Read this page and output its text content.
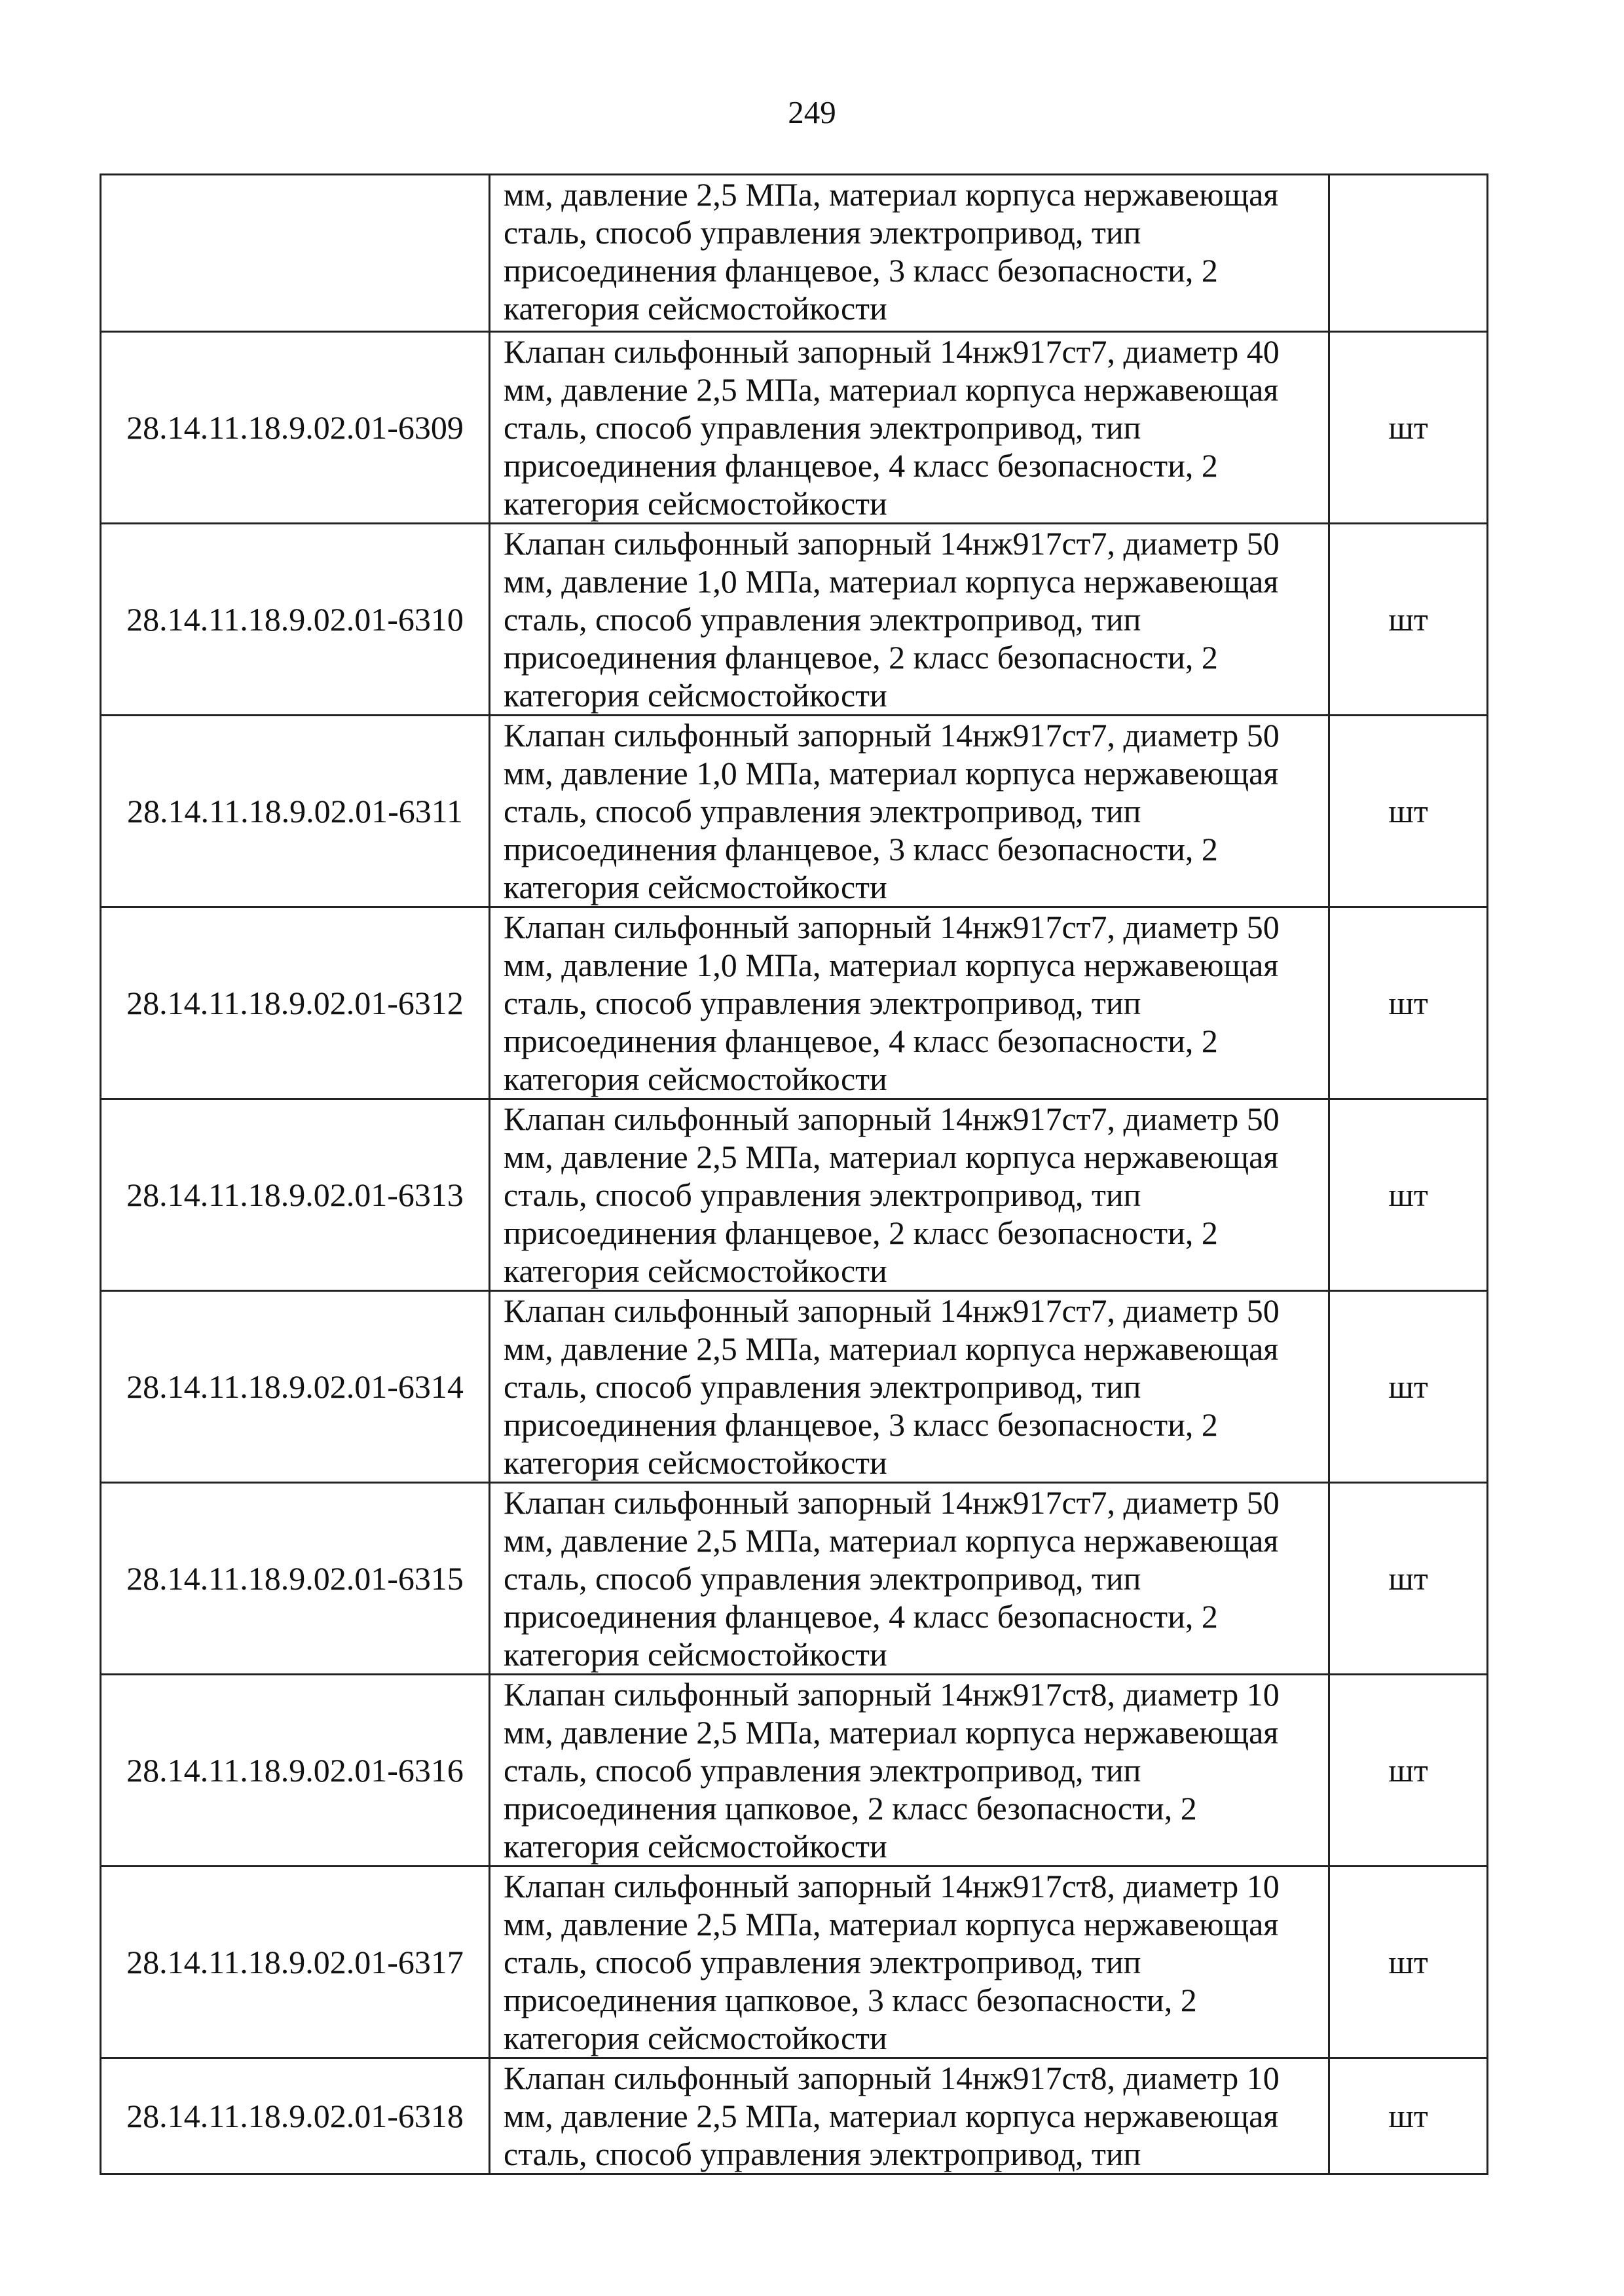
249

	мм, давление 2,5 МПа, материал корпуса нержавеющая
сталь, способ управления электропривод, тип
присоединения фланцевое, 3 класс безопасности, 2
категория сейсмостойкости	

28.14.11.18.9.02.01-6309	Клапан сильфонный запорный 14нж917ст7, диаметр 40
мм, давление 2,5 МПа, материал корпуса нержавеющая
сталь, способ управления электропривод, тип
присоединения фланцевое, 4 класс безопасности, 2
категория сейсмостойкости	шт
28.14.11.18.9.02.01-6310	Клапан сильфонный запорный 14нж917ст7, диаметр 50
мм, давление 1,0 МПа, материал корпуса нержавеющая
сталь, способ управления электропривод, тип
присоединения фланцевое, 2 класс безопасности, 2
категория сейсмостойкости	шт
28.14.11.18.9.02.01-6311	Клапан сильфонный запорный 14нж917ст7, диаметр 50
мм, давление 1,0 МПа, материал корпуса нержавеющая
сталь, способ управления электропривод, тип
присоединения фланцевое, 3 класс безопасности, 2
категория сейсмостойкости	шт
28.14.11.18.9.02.01-6312	Клапан сильфонный запорный 14нж917ст7, диаметр 50
мм, давление 1,0 МПа, материал корпуса нержавеющая
сталь, способ управления электропривод, тип
присоединения фланцевое, 4 класс безопасности, 2
категория сейсмостойкости	шт
28.14.11.18.9.02.01-6313	Клапан сильфонный запорный 14нж917ст7, диаметр 50
мм, давление 2,5 МПа, материал корпуса нержавеющая
сталь, способ управления электропривод, тип
присоединения фланцевое, 2 класс безопасности, 2
категория сейсмостойкости	шт
28.14.11.18.9.02.01-6314	Клапан сильфонный запорный 14нж917ст7, диаметр 50
мм, давление 2,5 МПа, материал корпуса нержавеющая
сталь, способ управления электропривод, тип
присоединения фланцевое, 3 класс безопасности, 2
категория сейсмостойкости	шт
28.14.11.18.9.02.01-6315	Клапан сильфонный запорный 14нж917ст7, диаметр 50
мм, давление 2,5 МПа, материал корпуса нержавеющая
сталь, способ управления электропривод, тип
присоединения фланцевое, 4 класс безопасности, 2
категория сейсмостойкости	шт
28.14.11.18.9.02.01-6316	Клапан сильфонный запорный 14нж917ст8, диаметр 10
мм, давление 2,5 МПа, материал корпуса нержавеющая
сталь, способ управления электропривод, тип
присоединения цапковое, 2 класс безопасности, 2
категория сейсмостойкости	шт
28.14.11.18.9.02.01-6317	Клапан сильфонный запорный 14нж917ст8, диаметр 10
мм, давление 2,5 МПа, материал корпуса нержавеющая
сталь, способ управления электропривод, тип
присоединения цапковое, 3 класс безопасности, 2
категория сейсмостойкости	шт
28.14.11.18.9.02.01-6318	Клапан сильфонный запорный 14нж917ст8, диаметр 10
мм, давление 2,5 МПа, материал корпуса нержавеющая
сталь, способ управления электропривод, тип	шт
